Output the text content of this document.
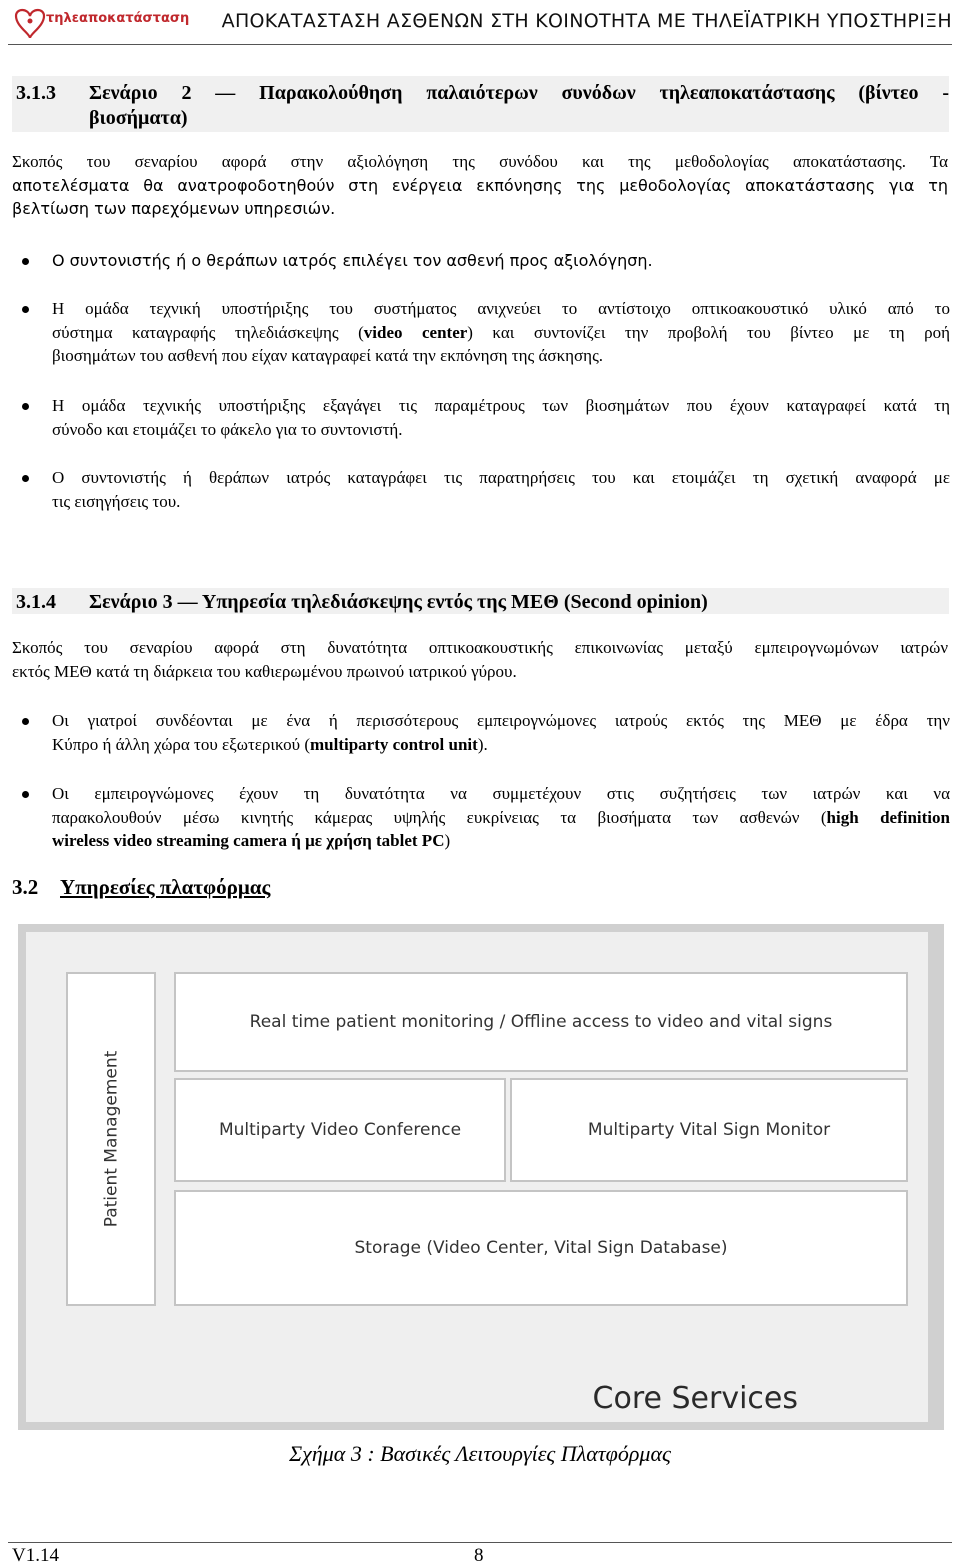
τηλεαποκατάσταση	ΑΠΟΚΑΤΑΣΤΑΣΗ ΑΣΘΕΝΩΝ ΣΤΗ ΚΟΙΝΟΤΗΤΑ ΜΕ ΤΗΛΕΪΑΤΡΙΚΗ ΥΠΟΣΤΗΡΙΞΗ
3.1.3 Σενάριο 2 — Παρακολούθηση παλαιότερων συνόδων τηλεαποκατάστασης (βίντεο -
βιοσήματα)
Σκοπός του σεναρίου αφορά στην αξιολόγηση της συνόδου και της μεθοδολογίας αποκατάστασης. Τα
αποτελέσματα θα ανατροφοδοτηθούν στη ενέργεια εκπόνησης της μεθοδολογίας αποκατάστασης για τη
βελτίωση των παρεχόμενων υπηρεσιών.
Ο συντονιστής ή ο θεράπων ιατρός επιλέγει τον ασθενή προς αξιολόγηση.
Η ομάδα τεχνική υποστήριξης του συστήματος ανιχνεύει το αντίστοιχο οπτικοακουστικό υλικό από το
σύστημα καταγραφής τηλεδιάσκεψης (video center) και συντονίζει την προβολή του βίντεο με τη ροή
βιοσημάτων του ασθενή που είχαν καταγραφεί κατά την εκπόνηση της άσκησης.
Η ομάδα τεχνικής υποστήριξης εξαγάγει τις παραμέτρους των βιοσημάτων που έχουν καταγραφεί κατά τη
σύνοδο και ετοιμάζει το φάκελο για το συντονιστή.
Ο συντονιστής ή θεράπων ιατρός καταγράφει τις παρατηρήσεις του και ετοιμάζει τη σχετική αναφορά με
τις εισηγήσεις του.
3.1.4 Σενάριο 3 — Υπηρεσία τηλεδιάσκεψης εντός της ΜΕΘ (Second opinion)
Σκοπός του σεναρίου αφορά στη δυνατότητα οπτικοακουστικής επικοινωνίας μεταξύ εμπειρογνωμόνων ιατρών
εκτός ΜΕΘ κατά τη διάρκεια του καθιερωμένου πρωινού ιατρικού γύρου.
Οι γιατροί συνδέονται με ένα ή περισσότερους εμπειρογνώμονες ιατρούς εκτός της ΜΕΘ με έδρα την
Κύπρο ή άλλη χώρα του εξωτερικού (multiparty control unit).
Οι εμπειρογνώμονες έχουν τη δυνατότητα να συμμετέχουν στις συζητήσεις των ιατρών και να
παρακολουθούν μέσω κινητής κάμερας υψηλής ευκρίνειας τα βιοσήματα των ασθενών (high definition
wireless video streaming camera ή με χρήση tablet PC)
3.2 Υπηρεσίες πλατφόρμας
Patient Management
Real time patient monitoring / Offline access to video and vital signs
Multiparty Video Conference	Multiparty Vital Sign Monitor
Storage (Video Center, Vital Sign Database)
Core Services
Σχήμα 3 : Βασικές Λειτουργίες Πλατφόρμας
V1.14	8
